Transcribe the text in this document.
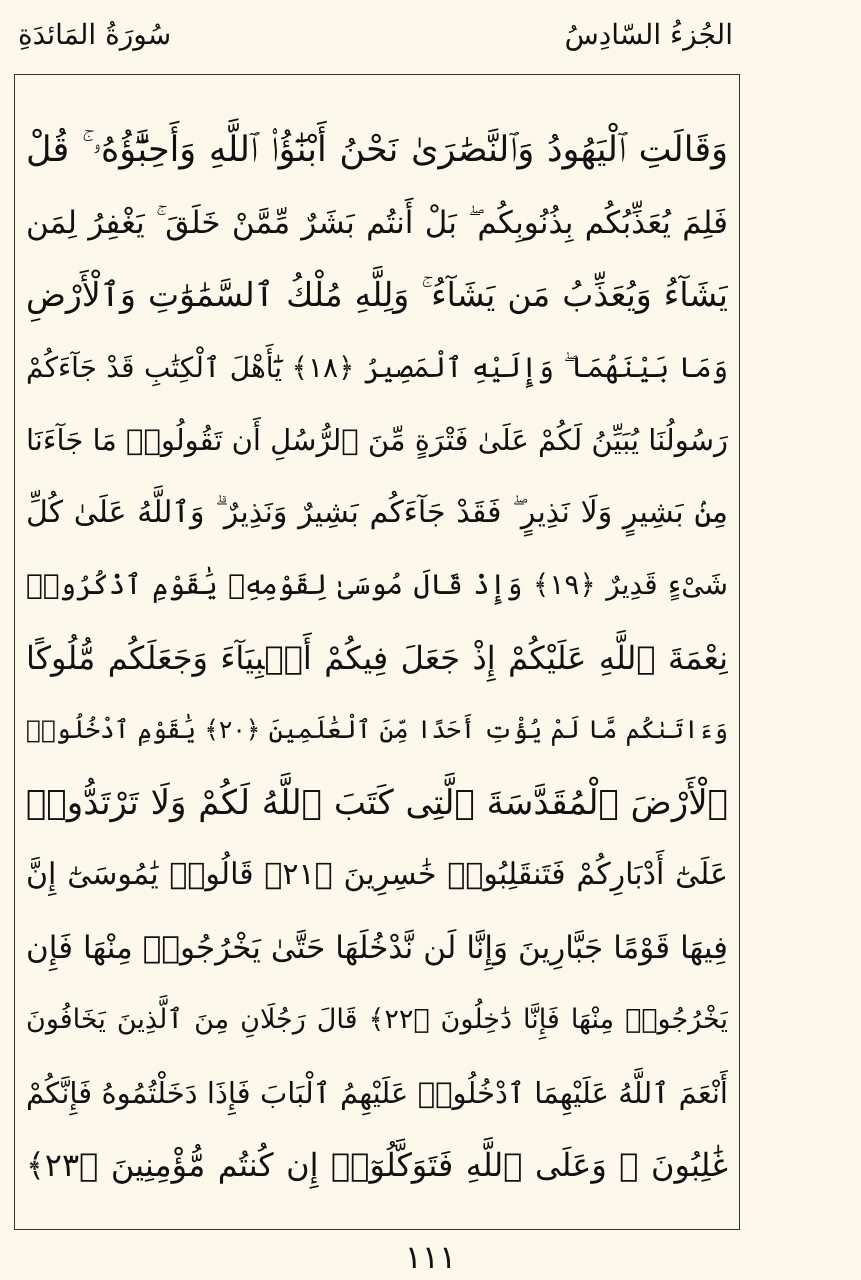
الجُزءُ السّادِسُ
سُورَةُ المَائدَةِ
وَقَالَتِ ٱلْيَهُودُ وَٱلنَّصَٰرَىٰ نَحْنُ أَبْنَٰٓؤُا۟ ٱللَّهِ وَأَحِبَّٰٓؤُهُۥ ۚ قُلْ
فَلِمَ يُعَذِّبُكُم بِذُنُوبِكُم ۖ بَلْ أَنتُم بَشَرٌ مِّمَّنْ خَلَقَ ۚ يَغْفِرُ لِمَن
يَشَآءُ وَيُعَذِّبُ مَن يَشَآءُ ۚ وَلِلَّهِ مُلْكُ ٱلسَّمَٰوَٰتِ وَٱلْأَرْضِ
وَمَا بَيْنَهُمَا ۖ وَإِلَيْهِ ٱلْمَصِيرُ ﴿١٨﴾ يَٰٓأَهْلَ ٱلْكِتَٰبِ قَدْ جَآءَكُمْ
رَسُولُنَا يُبَيِّنُ لَكُمْ عَلَىٰ فَتْرَةٍ مِّنَ ٱلرُّسُلِ أَن تَقُولُوا۟ مَا جَآءَنَا
مِنۢ بَشِيرٍ وَلَا نَذِيرٍ ۖ فَقَدْ جَآءَكُم بَشِيرٌ وَنَذِيرٌ ۗ وَٱللَّهُ عَلَىٰ كُلِّ
شَىْءٍ قَدِيرٌ ﴿١٩﴾ وَإِذْ قَالَ مُوسَىٰ لِقَوْمِهِۦ يَٰقَوْمِ ٱذْكُرُوا۟
نِعْمَةَ ٱللَّهِ عَلَيْكُمْ إِذْ جَعَلَ فِيكُمْ أَنۢبِيَآءَ وَجَعَلَكُم مُّلُوكًا
وَءَاتَىٰكُم مَّا لَمْ يُؤْتِ أَحَدًا مِّنَ ٱلْعَٰلَمِينَ ﴿٢٠﴾ يَٰقَوْمِ ٱدْخُلُوا۟
ٱلْأَرْضَ ٱلْمُقَدَّسَةَ ٱلَّتِى كَتَبَ ٱللَّهُ لَكُمْ وَلَا تَرْتَدُّوا۟
عَلَىٰٓ أَدْبَارِكُمْ فَتَنقَلِبُوا۟ خَٰسِرِينَ ﴿٢١﴾ قَالُوا۟ يَٰمُوسَىٰٓ إِنَّ
فِيهَا قَوْمًا جَبَّارِينَ وَإِنَّا لَن نَّدْخُلَهَا حَتَّىٰ يَخْرُجُوا۟ مِنْهَا فَإِن
يَخْرُجُوا۟ مِنْهَا فَإِنَّا دَٰخِلُونَ ﴿٢٢﴾ قَالَ رَجُلَانِ مِنَ ٱلَّذِينَ يَخَافُونَ
أَنْعَمَ ٱللَّهُ عَلَيْهِمَا ٱدْخُلُوا۟ عَلَيْهِمُ ٱلْبَابَ فَإِذَا دَخَلْتُمُوهُ فَإِنَّكُمْ
غَٰلِبُونَ ۚ وَعَلَى ٱللَّهِ فَتَوَكَّلُوٓا۟ إِن كُنتُم مُّؤْمِنِينَ ﴿٢٣﴾
١١١
